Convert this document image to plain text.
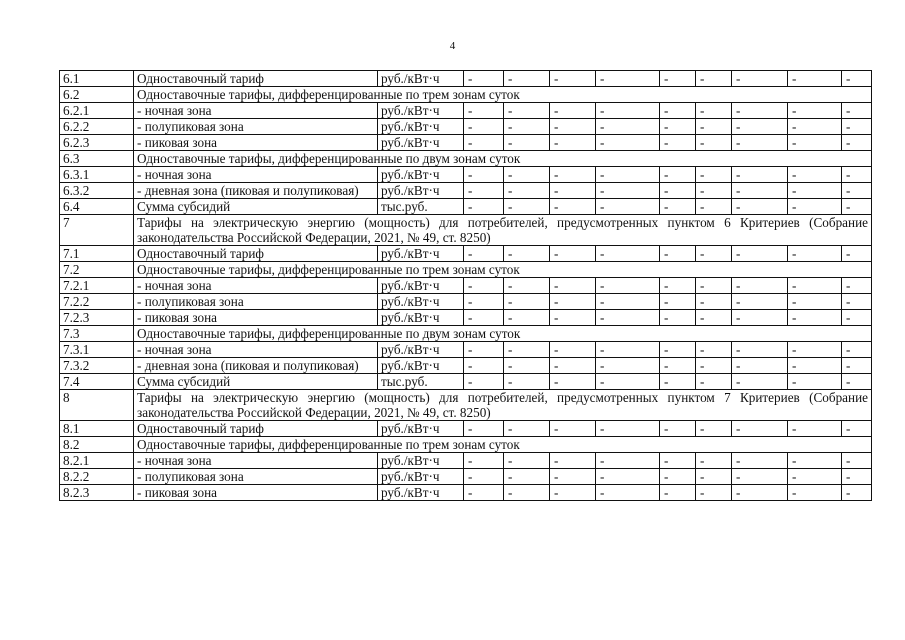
4
6.1	Одноставочный тариф	руб./кВт·ч	-	-	-	-	-	-	-	-	-
6.2	Одноставочные тарифы, дифференцированные по трем зонам суток										
6.2.1	- ночная зона	руб./кВт·ч	-	-	-	-	-	-	-	-	-
6.2.2	- полупиковая зона	руб./кВт·ч	-	-	-	-	-	-	-	-	-
6.2.3	- пиковая зона	руб./кВт·ч	-	-	-	-	-	-	-	-	-
6.3	Одноставочные тарифы, дифференцированные по двум зонам суток										
6.3.1	- ночная зона	руб./кВт·ч	-	-	-	-	-	-	-	-	-
6.3.2	- дневная зона (пиковая и полупиковая)	руб./кВт·ч	-	-	-	-	-	-	-	-	-
6.4	Сумма субсидий	тыс.руб.	-	-	-	-	-	-	-	-	-
7	Тарифы на электрическую энергию (мощность) для потребителей, предусмотренных пунктом 6 Критериев (Собрание законодательства Российской Федерации, 2021, № 49, ст. 8250)										
7.1	Одноставочный тариф	руб./кВт·ч	-	-	-	-	-	-	-	-	-
7.2	Одноставочные тарифы, дифференцированные по трем зонам суток										
7.2.1	- ночная зона	руб./кВт·ч	-	-	-	-	-	-	-	-	-
7.2.2	- полупиковая зона	руб./кВт·ч	-	-	-	-	-	-	-	-	-
7.2.3	- пиковая зона	руб./кВт·ч	-	-	-	-	-	-	-	-	-
7.3	Одноставочные тарифы, дифференцированные по двум зонам суток										
7.3.1	- ночная зона	руб./кВт·ч	-	-	-	-	-	-	-	-	-
7.3.2	- дневная зона (пиковая и полупиковая)	руб./кВт·ч	-	-	-	-	-	-	-	-	-
7.4	Сумма субсидий	тыс.руб.	-	-	-	-	-	-	-	-	-
8	Тарифы на электрическую энергию (мощность) для потребителей, предусмотренных пунктом 7 Критериев (Собрание законодательства Российской Федерации, 2021, № 49, ст. 8250)										
8.1	Одноставочный тариф	руб./кВт·ч	-	-	-	-	-	-	-	-	-
8.2	Одноставочные тарифы, дифференцированные по трем зонам суток										
8.2.1	- ночная зона	руб./кВт·ч	-	-	-	-	-	-	-	-	-
8.2.2	- полупиковая зона	руб./кВт·ч	-	-	-	-	-	-	-	-	-
8.2.3	- пиковая зона	руб./кВт·ч	-	-	-	-	-	-	-	-	-
